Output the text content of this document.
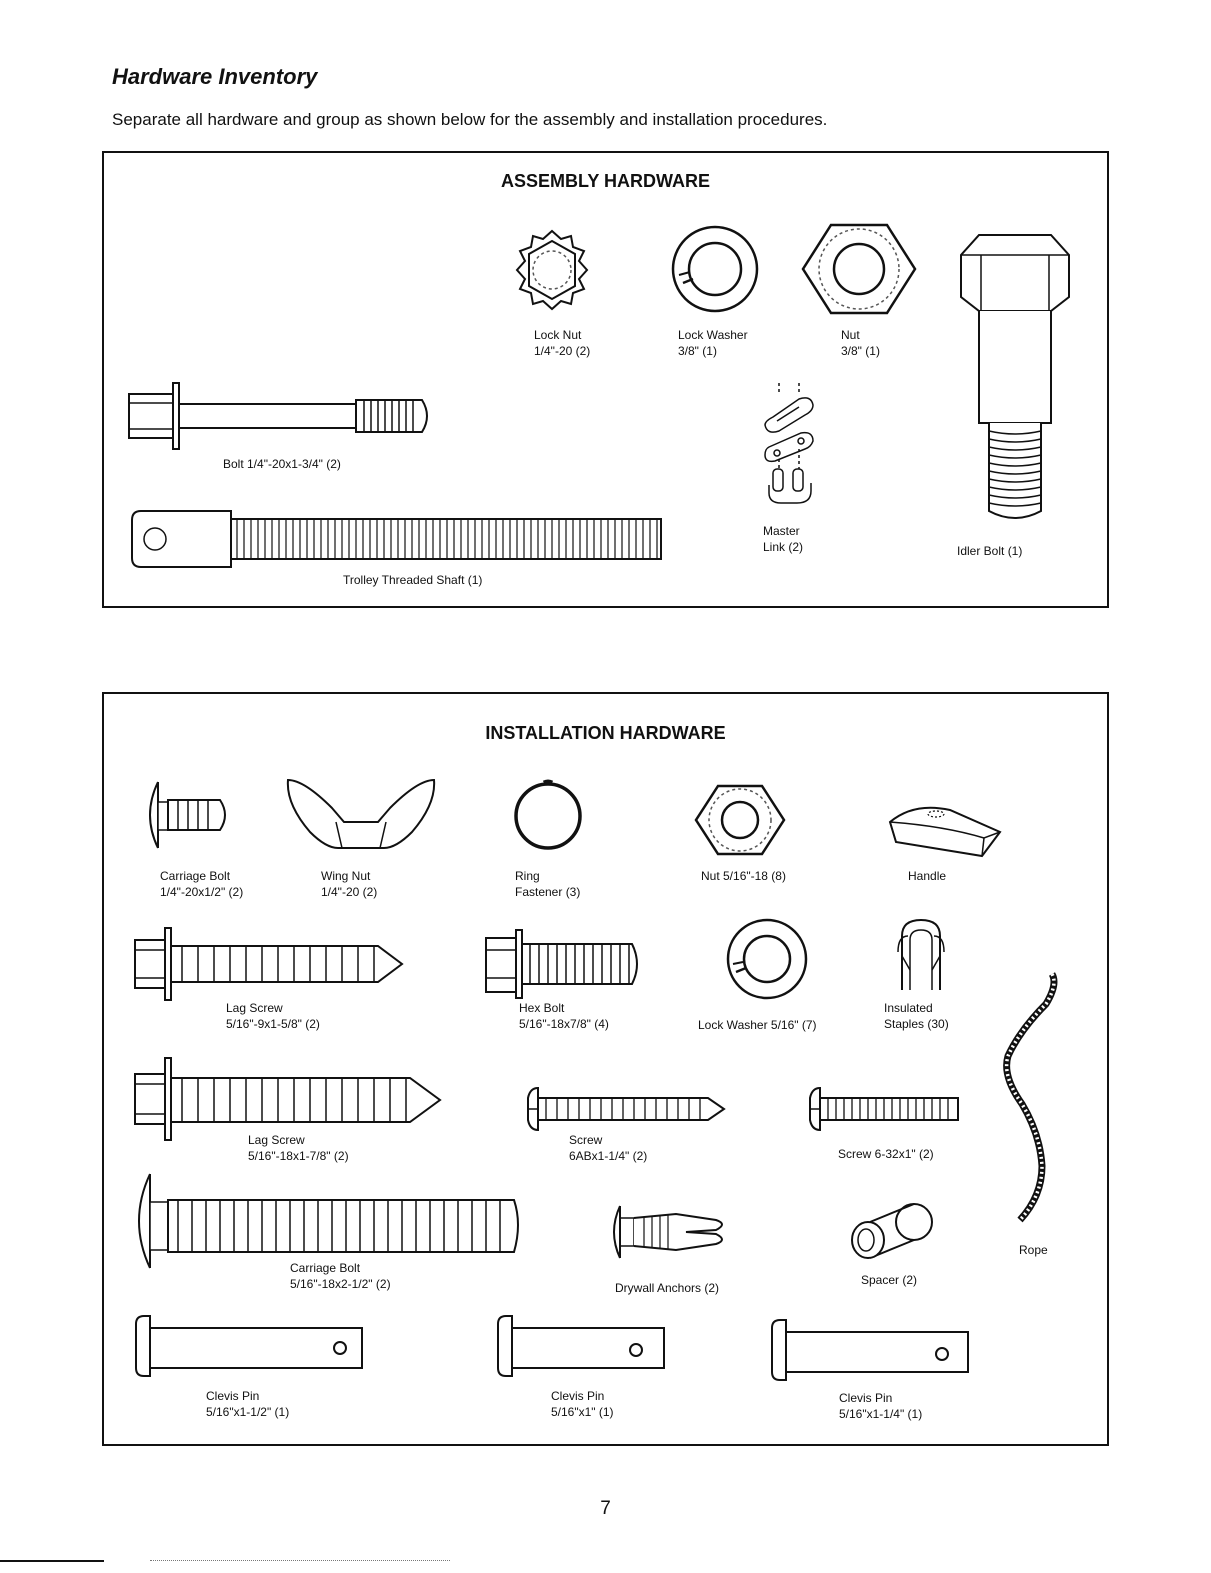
Hardware Inventory

Separate all hardware and group as shown below for the assembly and installation procedures.

ASSEMBLY HARDWARE
Lock Nut
1/4"-20 (2)
Lock Washer
3/8" (1)
Nut
3/8" (1)
Bolt 1/4"-20x1-3/4" (2)
Trolley Threaded Shaft (1)
Master
Link (2)	Idler Bolt (1)
INSTALLATION HARDWARE
Carriage Bolt
1/4"-20x1/2" (2)
Wing Nut
1/4"-20 (2)
Ring
Fastener (3)
Nut 5/16"-18 (8)	Handle
Lag Screw
5/16"-9x1-5/8" (2)
Hex Bolt
5/16"-18x7/8" (4)	Lock Washer 5/16" (7)
Insulated
Staples (30)
Rope
Lag Screw
5/16"-18x1-7/8" (2)
Screw
6ABx1-1/4" (2)	Screw 6-32x1" (2)
Carriage Bolt
5/16"-18x2-1/2" (2)	Drywall Anchors (2)
Spacer (2)
Clevis Pin
5/16"x1-1/2" (1)
Clevis Pin
5/16"x1" (1)
Clevis Pin
5/16"x1-1/4" (1)
7
